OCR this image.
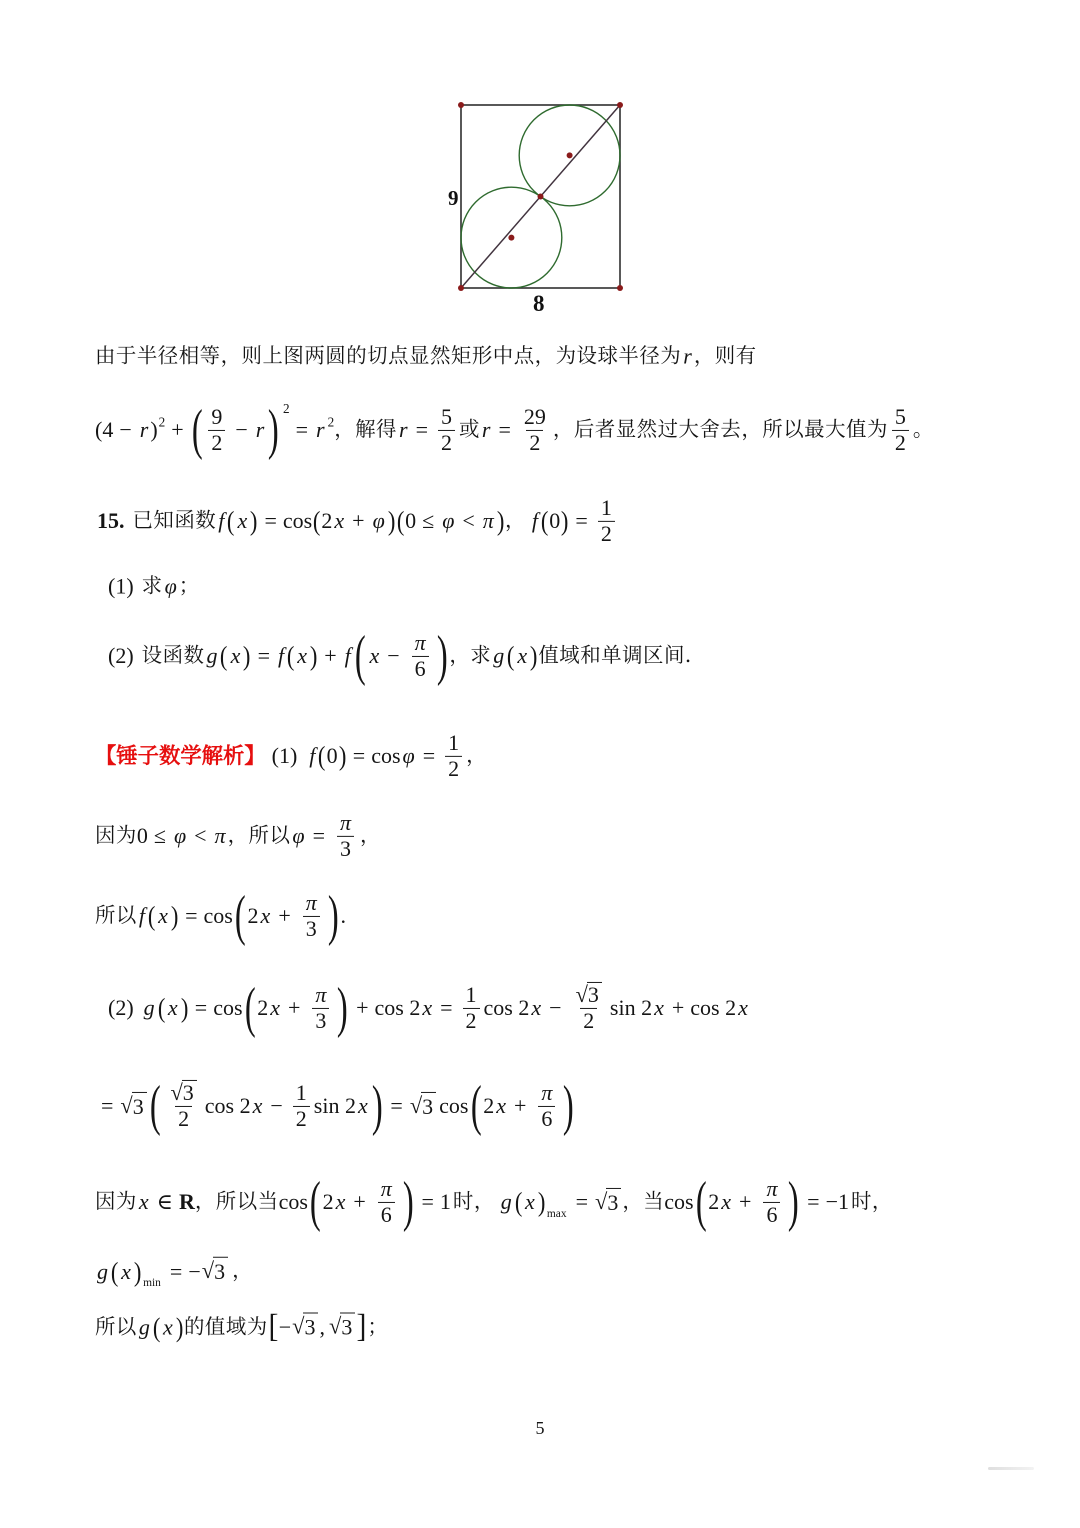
9
8
由于半径相等，则上图两圆的切点显然矩形中点，为设球半径为 r ，则有
(4 − r ) 2 + ( $\frac{9}{2} - r$ ) 2
= r 2 ，解得 $r = \frac{5}{2}$ 或 $r = \frac{29}{2}$ ，后者显然过大舍去，所以最大值为 $\frac{5}{2}$ 。
15. 已知函数 f ( x ) = cos ( 2 x + φ ) ( 0 ≤ φ < π ) ， f ( 0 ) = $\frac{1}{2}$
(1) 求 φ ；
(2) 设函数 g ( x ) = f ( x ) + f ( $x - \frac{\pi}{6}$ ) ，求 g ( x ) 值域和单调区间．
【锤子数学解析】 (1) f ( 0 ) = $\cos \varphi = \frac{1}{2}$ ，
因为 0 ≤ φ < π ，所以 $\varphi = \frac{\pi}{3}$ ，
所以 f ( x ) = cos ( 2 $x + \frac{\pi}{3}$ ) .
(2) g ( x ) = cos ( 2 $x + \frac{\pi}{3}$ ) + cos 2 $x = \frac{1}{2}$ cos 2 $x - \frac{√ 3}{2}$ sin 2 x + cos 2 x
= √ 3 ( $\frac{√ 3}{2}$ cos 2 $x - \frac{1}{2}$ sin 2 x ) = √ 3 cos ( 2 $x + \frac{\pi}{6}$ )
因为 x ∈ R ，所以当 cos ( 2 $x + \frac{\pi}{6}$ ) = 1 时， g ( x ) max = √ 3 ，当 cos ( 2 $x + \frac{\pi}{6}$ ) = −1 时，
g ( x ) min = − √ 3 ，
所以 g ( x ) 的值域为 [ − √ 3 , √ 3 ] ；
5
